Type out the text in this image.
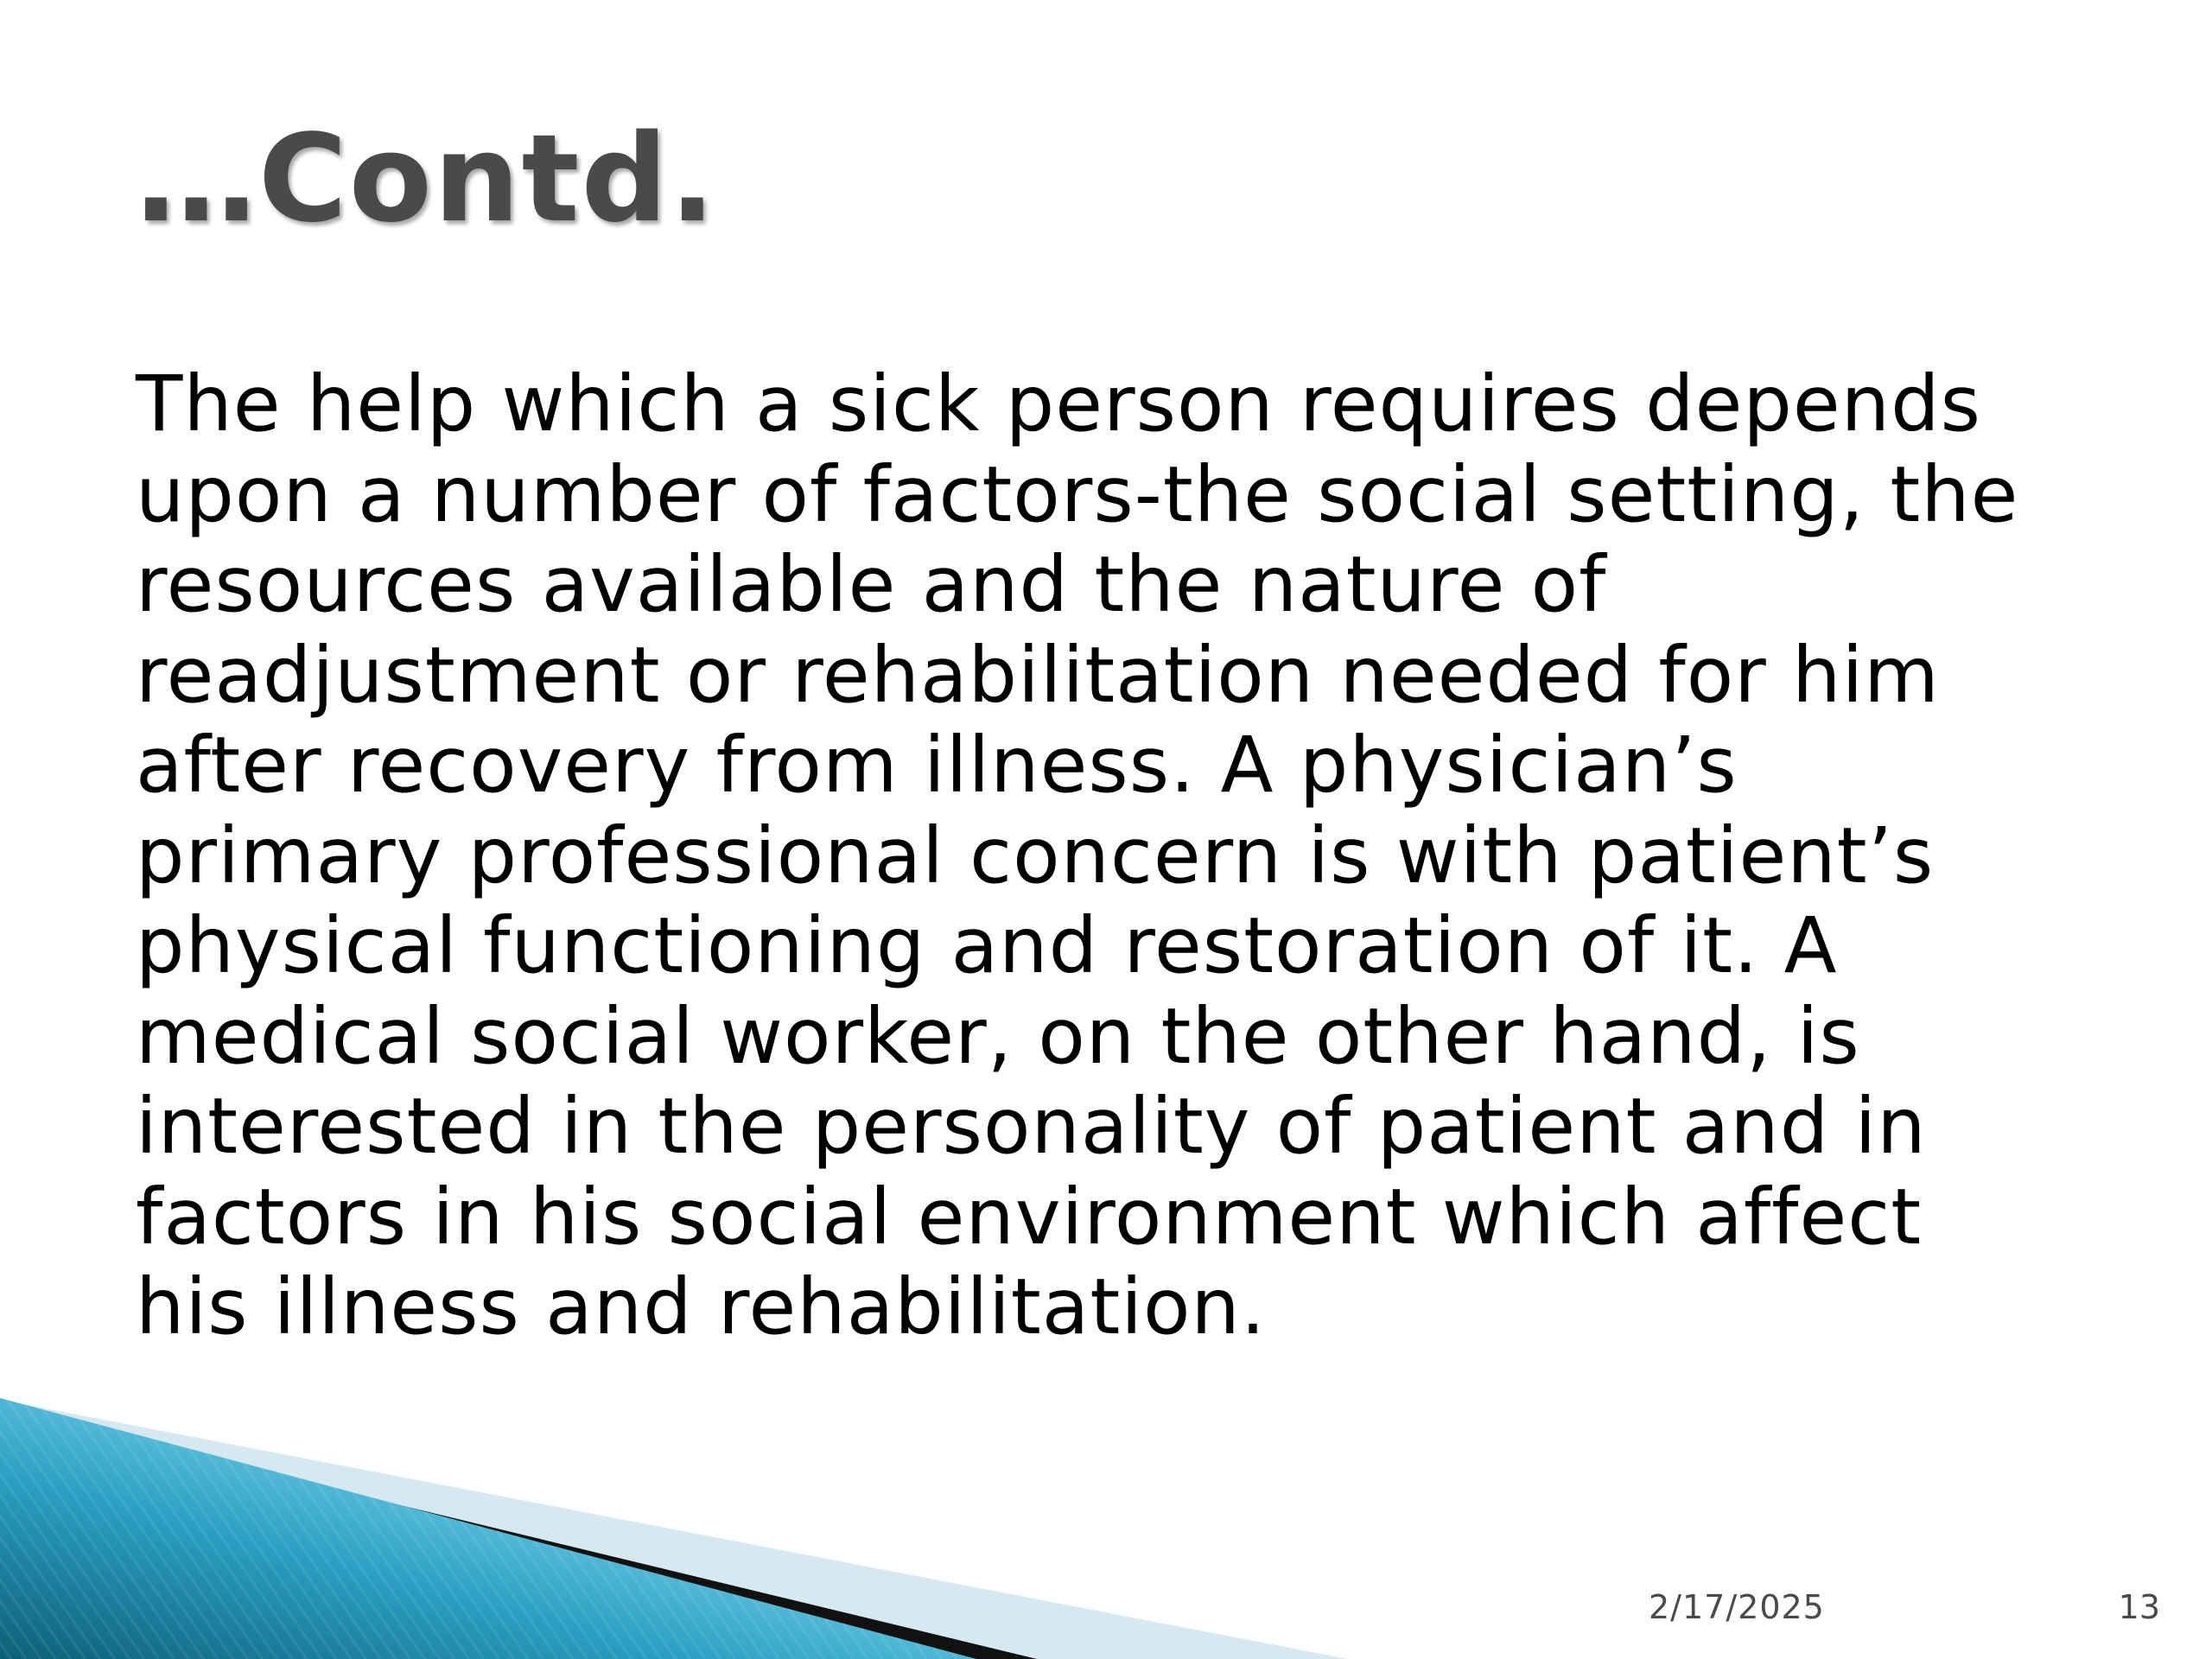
…Contd.

The help which a sick person requires depends
upon a number of factors-the social setting, the
resources available and the nature of
readjustment or rehabilitation needed for him
after recovery from illness. A physician’s
primary professional concern is with patient’s
physical functioning and restoration of it. A
medical social worker, on the other hand, is
interested in the personality of patient and in
factors in his social environment which affect
his illness and rehabilitation.

2/17/2025	13
